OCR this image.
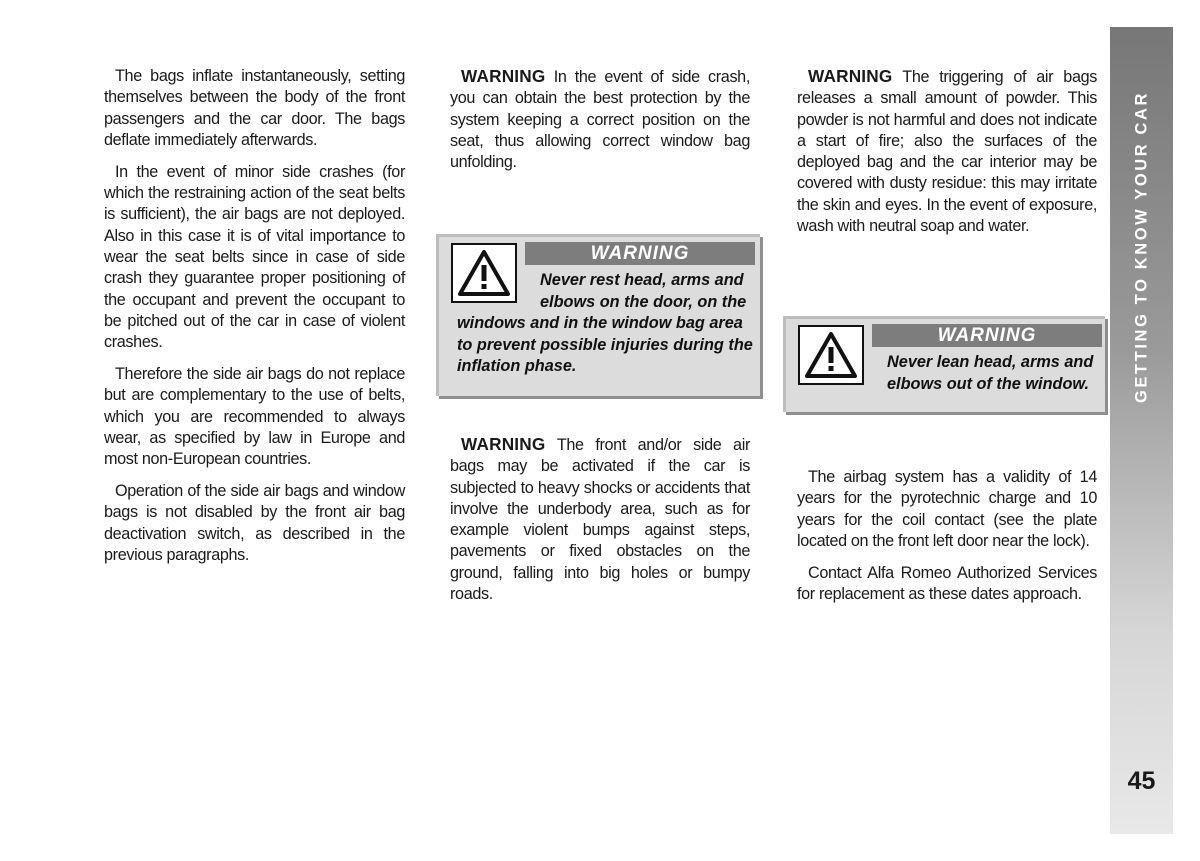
The bags inflate instantaneously, setting themselves between the body of the front passengers and the car door. The bags deflate immediately afterwards.

In the event of minor side crashes (for which the restraining action of the seat belts is sufficient), the air bags are not deployed. Also in this case it is of vital importance to wear the seat belts since in case of side crash they guarantee proper positioning of the occupant and prevent the occupant to be pitched out of the car in case of violent crashes.

Therefore the side air bags do not replace but are complementary to the use of belts, which you are recommended to always wear, as specified by law in Europe and most non-European countries.

Operation of the side air bags and window bags is not disabled by the front air bag deactivation switch, as described in the previous paragraphs.

WARNING In the event of side crash, you can obtain the best protection by the system keeping a correct position on the seat, thus allowing correct window bag unfolding.

WARNING
Never rest head, arms and
elbows on the door, on the
windows and in the window bag area to prevent possible injuries during the inflation phase.

WARNING The front and/or side air bags may be activated if the car is subjected to heavy shocks or accidents that involve the underbody area, such as for example violent bumps against steps, pavements or fixed obstacles on the ground, falling into big holes or bumpy roads.

WARNING The triggering of air bags releases a small amount of powder. This powder is not harmful and does not indicate a start of fire; also the surfaces of the deployed bag and the car interior may be covered with dusty residue: this may irritate the skin and eyes. In the event of exposure, wash with neutral soap and water.

WARNING
Never lean head, arms and
elbows out of the window.

The airbag system has a validity of 14 years for the pyrotechnic charge and 10 years for the coil contact (see the plate located on the front left door near the lock).

Contact Alfa Romeo Authorized Services for replacement as these dates approach.

GETTING TO KNOW YOUR CAR
45
